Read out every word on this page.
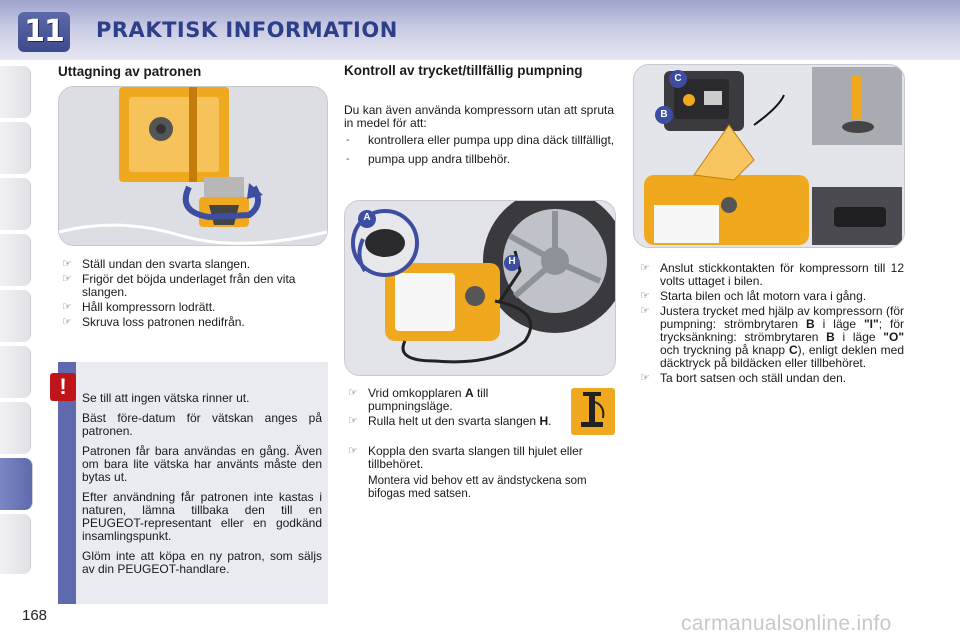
11 PRAKTISK INFORMATION
168
Uttagning av patronen
☞ Ställ undan den svarta slangen.
☞ Frigör det böjda underlaget från den vita slangen.
☞ Håll kompressorn lodrätt.
☞ Skruva loss patronen nedifrån.
!	Se till att ingen vätska rinner ut.

Bäst före-datum för vätskan anges på patronen.

Patronen får bara användas en gång. Även om bara lite vätska har använts måste den bytas ut.

Efter användning får patronen inte kastas i naturen, lämna tillbaka den till en PEUGEOT-representant eller en godkänd insamlingspunkt.

Glöm inte att köpa en ny patron, som säljs av din PEUGEOT-handlare.

Kontroll av trycket/tillfällig pumpning
Du kan även använda kompressorn utan att spruta in medel för att:
- kontrollera eller pumpa upp dina däck tillfälligt,
- pumpa upp andra tillbehör.
A
H
☞ Vrid omkopplaren A till pumpningsläge.
☞ Rulla helt ut den svarta slangen H.
☞ Koppla den svarta slangen till hjulet eller tillbehöret.
Montera vid behov ett av ändstyckena som bifogas med satsen.
C
B
☞ Anslut stickkontakten för kompressorn till 12 volts uttaget i bilen.
☞ Starta bilen och låt motorn vara i gång.
☞ Justera trycket med hjälp av kompressorn (för pumpning: strömbrytaren B i läge "I"; för trycksänkning: strömbrytaren B i läge "O" och tryckning på knapp C), enligt deklen med däcktryck på bildäcken eller tillbehöret.
☞ Ta bort satsen och ställ undan den.
carmanualsonline.info
